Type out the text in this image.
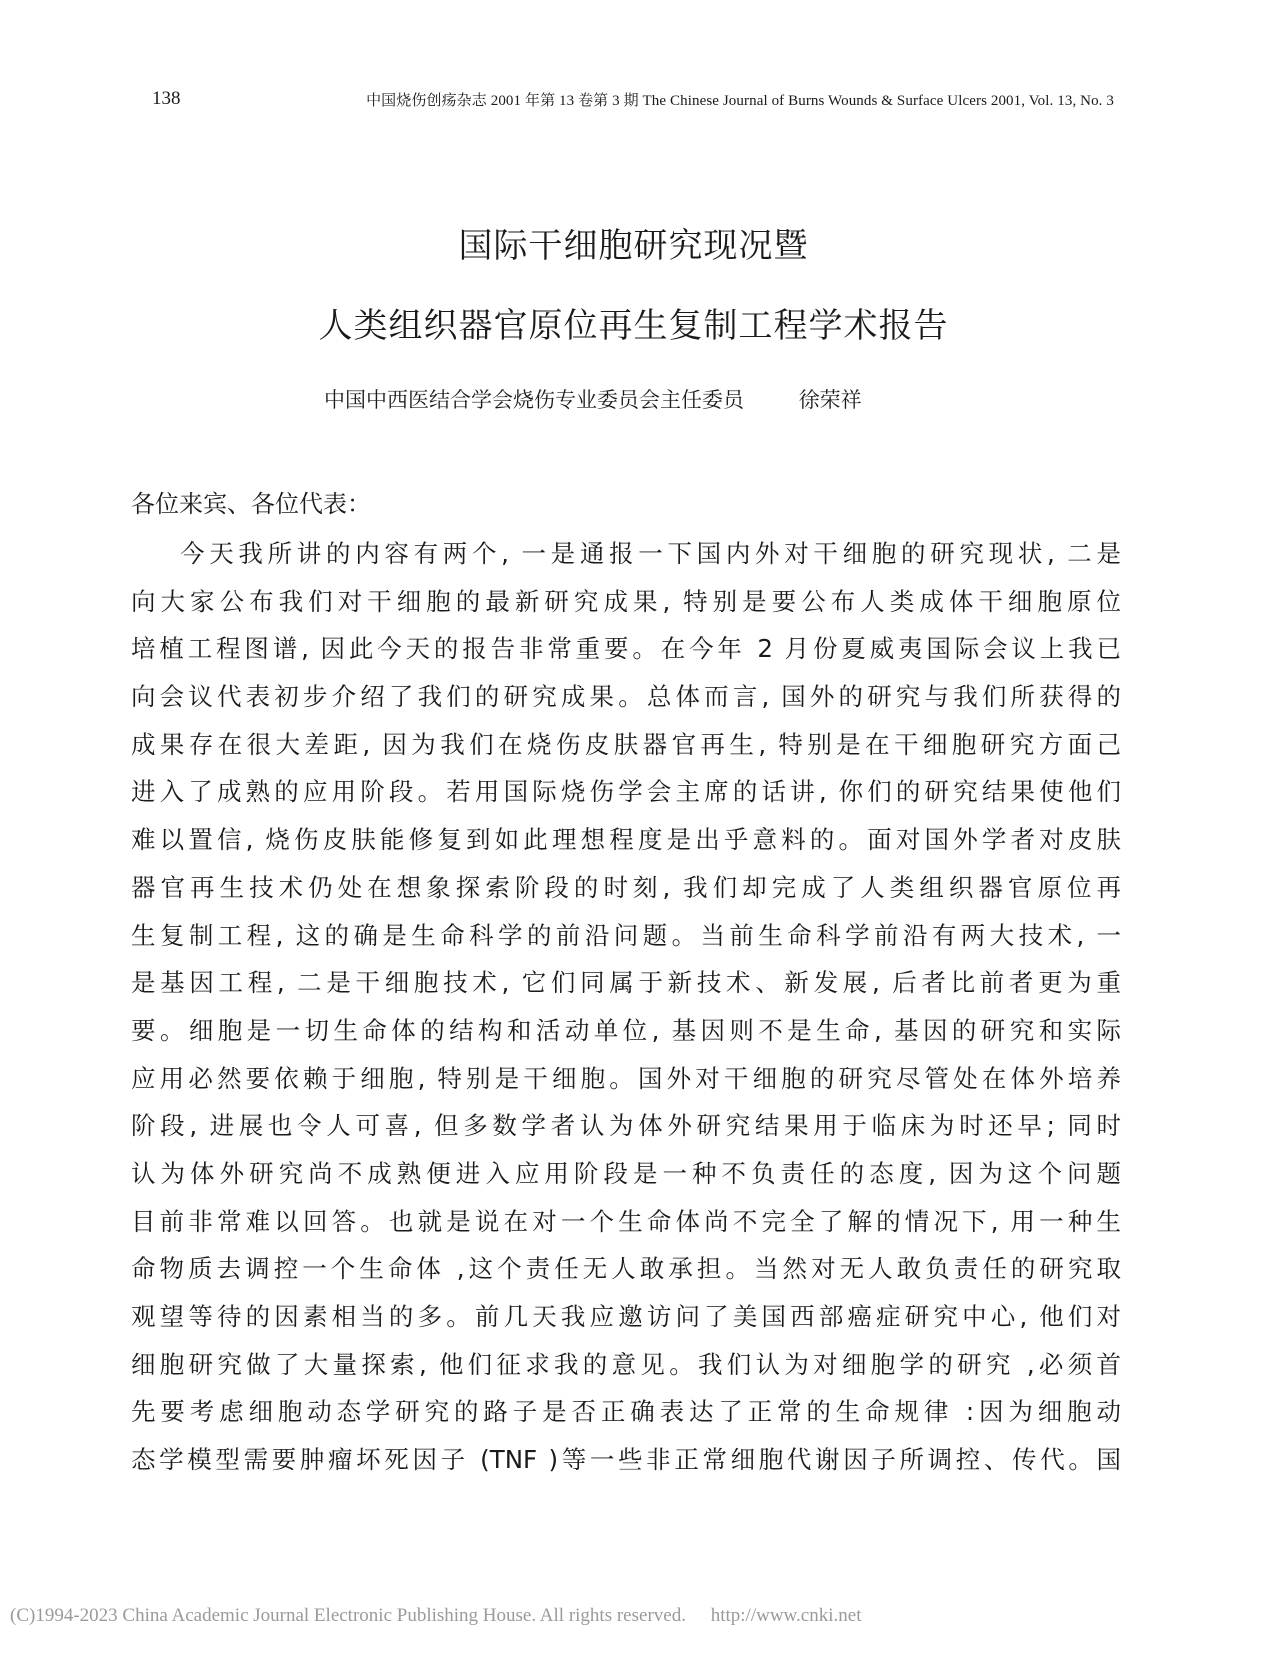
138	中国烧伤创疡杂志 2001 年第 13 卷第 3 期 The Chinese Journal of Burns Wounds & Surface Ulcers 2001, Vol. 13, No. 3
国际干细胞研究现况暨
人类组织器官原位再生复制工程学术报告
中国中西医结合学会烧伤专业委员会主任委员	徐荣祥
各位来宾、各位代表：
今天我所讲的内容有两个, 一是通报一下国内外对干细胞的研究现状, 二是
向大家公布我们对干细胞的最新研究成果, 特别是要公布人类成体干细胞原位
培植工程图谱, 因此今天的报告非常重要。在今年 2 月份夏威夷国际会议上我已
向会议代表初步介绍了我们的研究成果。总体而言, 国外的研究与我们所获得的
成果存在很大差距, 因为我们在烧伤皮肤器官再生, 特别是在干细胞研究方面己
进入了成熟的应用阶段。若用国际烧伤学会主席的话讲, 你们的研究结果使他们
难以置信, 烧伤皮肤能修复到如此理想程度是出乎意料的。面对国外学者对皮肤
器官再生技术仍处在想象探索阶段的时刻, 我们却完成了人类组织器官原位再
生复制工程, 这的确是生命科学的前沿问题。当前生命科学前沿有两大技术, 一
是基因工程, 二是干细胞技术, 它们同属于新技术、新发展, 后者比前者更为重
要。细胞是一切生命体的结构和活动单位, 基因则不是生命, 基因的研究和实际
应用必然要依赖于细胞, 特别是干细胞。国外对干细胞的研究尽管处在体外培养
阶段, 进展也令人可喜, 但多数学者认为体外研究结果用于临床为时还早; 同时
认为体外研究尚不成熟便进入应用阶段是一种不负责任的态度, 因为这个问题
目前非常难以回答。也就是说在对一个生命体尚不完全了解的情况下, 用一种生
命物质去调控一个生命体 ,这个责任无人敢承担。当然对无人敢负责任的研究取
观望等待的因素相当的多。前几天我应邀访问了美国西部癌症研究中心, 他们对
细胞研究做了大量探索, 他们征求我的意见。我们认为对细胞学的研究 ,必须首
先要考虑细胞动态学研究的路子是否正确表达了正常的生命规律 :因为细胞动
态学模型需要肿瘤坏死因子 (TNF )等一些非正常细胞代谢因子所调控、传代。国
(C)1994-2023 China Academic Journal Electronic Publishing House. All rights reserved. http://www.cnki.net
